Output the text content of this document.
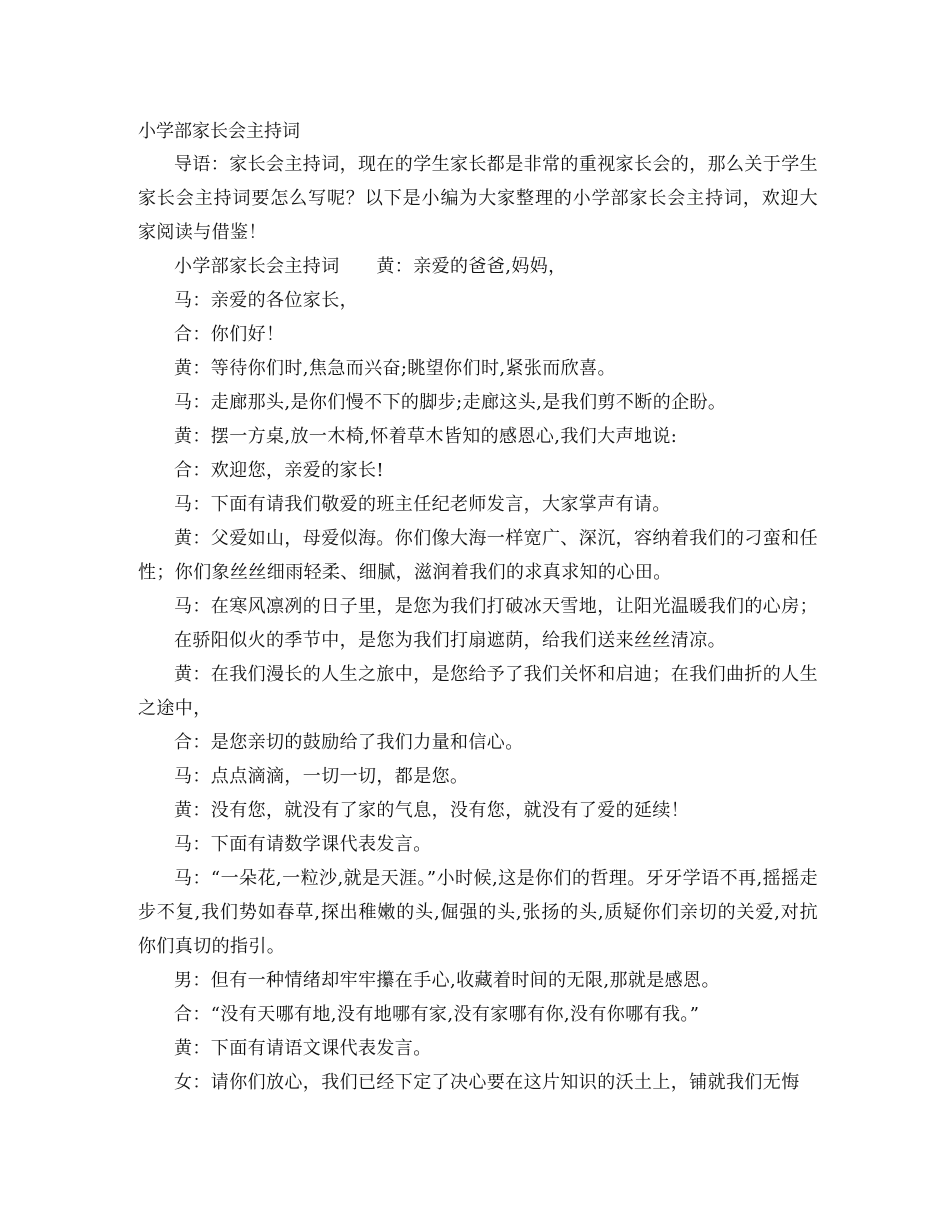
小学部家长会主持词

导语：家长会主持词，现在的学生家长都是非常的重视家长会的，那么关于学生家长会主持词要怎么写呢？以下是小编为大家整理的小学部家长会主持词，欢迎大家阅读与借鉴！

小学部家长会主持词　　黄：亲爱的爸爸,妈妈，

马：亲爱的各位家长，

合：你们好！

黄：等待你们时,焦急而兴奋;眺望你们时,紧张而欣喜。

马：走廊那头,是你们慢不下的脚步;走廊这头,是我们剪不断的企盼。

黄：摆一方桌,放一木椅,怀着草木皆知的感恩心,我们大声地说:

合：欢迎您，亲爱的家长!

马：下面有请我们敬爱的班主任纪老师发言，大家掌声有请。

黄：父爱如山，母爱似海。你们像大海一样宽广、深沉，容纳着我们的刁蛮和任性；你们象丝丝细雨轻柔、细腻，滋润着我们的求真求知的心田。

马：在寒风凛冽的日子里，是您为我们打破冰天雪地，让阳光温暖我们的心房；

在骄阳似火的季节中，是您为我们打扇遮荫，给我们送来丝丝清凉。

黄：在我们漫长的人生之旅中，是您给予了我们关怀和启迪；在我们曲折的人生之途中，

合：是您亲切的鼓励给了我们力量和信心。

马：点点滴滴，一切一切，都是您。

黄：没有您，就没有了家的气息，没有您，就没有了爱的延续！

马：下面有请数学课代表发言。

马：“一朵花,一粒沙,就是天涯。”小时候,这是你们的哲理。牙牙学语不再,摇摇走步不复,我们势如春草,探出稚嫩的头,倔强的头,张扬的头,质疑你们亲切的关爱,对抗你们真切的指引。

男：但有一种情绪却牢牢攥在手心,收藏着时间的无限,那就是感恩。

合：“没有天哪有地,没有地哪有家,没有家哪有你,没有你哪有我。”

黄：下面有请语文课代表发言。

女：请你们放心，我们已经下定了决心要在这片知识的沃土上，铺就我们无悔
